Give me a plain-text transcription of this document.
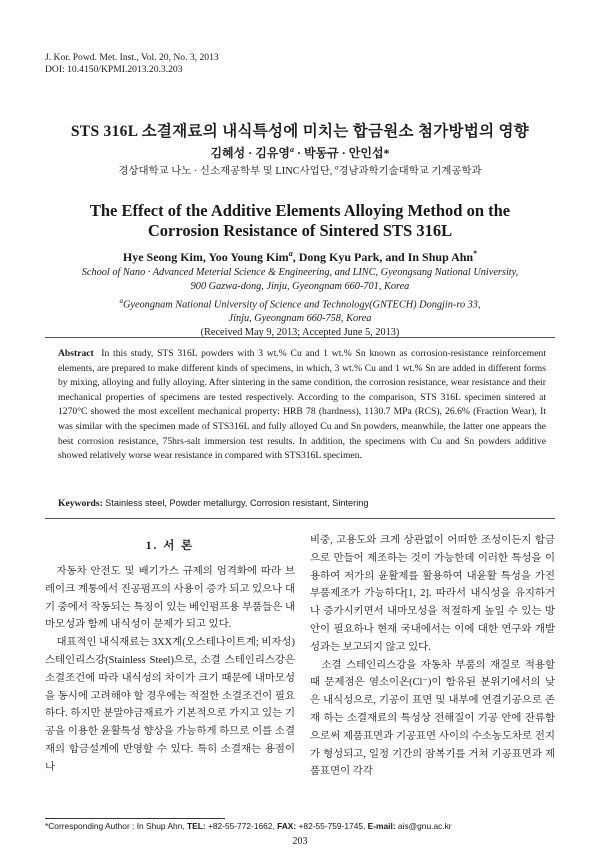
J. Kor. Powd. Met. Inst., Vol. 20, No. 3, 2013
DOI: 10.4150/KPMI.2013.20.3.203
STS 316L 소결재료의 내식특성에 미치는 합금원소 첨가방법의 영향
김혜성 · 김유영$^a$ · 박동규 · 안인섭*
경상대학교 나노 · 신소재공학부 및 LINC사업단, $^a$경남과학기술대학교 기계공학과
The Effect of the Additive Elements Alloying Method on the
Corrosion Resistance of Sintered STS 316L
Hye Seong Kim, Yoo Young Kim$^a$, Dong Kyu Park, and In Shup Ahn*
School of Nano · Advanced Meterial Science & Engineering, and LINC, Gyeongsang National University,
900 Gazwa-dong, Jinju, Gyeongnam 660-701, Korea
$^a$Gyeongnam National University of Science and Technology(GNTECH) Dongjin-ro 33,
Jinju, Gyeongnam 660-758, Korea
(Received May 9, 2013; Accepted June 5, 2013)
Abstract In this study, STS 316L powders with 3 wt.% Cu and 1 wt.% Sn known as corrosion-resistance reinforcement elements, are prepared to make different kinds of specimens, in which, 3 wt.% Cu and 1 wt.% Sn are added in different forms by mixing, alloying and fully alloying. After sintering in the same condition, the corrosion resistance, wear resistance and their mechanical properties of specimens are tested respectively. According to the comparison, STS 316L specimen sintered at 1270°C showed the most excellent mechanical property: HRB 78 (hardness), 1130.7 MPa (RCS), 26.6% (Fraction Wear), It was similar with the specimen made of STS316L and fully alloyed Cu and Sn powders, meanwhile, the latter one appears the best corrosion resistance, 75hrs-salt immersion test results. In addition, the specimens with Cu and Sn powders additive showed relatively worse wear resistance in compared with STS316L specimen.
Keywords: Stainless steel, Powder metallurgy, Corrosion resistant, Sintering
1. 서 론

자동차 안전도 및 배기가스 규제의 엄격화에 따라 브레이크 계통에서 진공펌프의 사용이 증가 되고 있으나 대기 중에서 작동되는 특징이 있는 베인펌프용 부품들은 내마모성과 함께 내식성이 문제가 되고 있다.

대표적인 내식재료는 3XX계(오스테나이트계; 비자성) 스테인리스강(Stainless Steel)으로, 소결 스테인리스강은 소결조건에 따라 내식성의 차이가 크기 때문에 내마모성을 동시에 고려해야 할 경우에는 적절한 소결조건이 필요하다. 하지만 분말야금재료가 기본적으로 가지고 있는 기공을 이용한 윤활특성 향상을 가능하게 하므로 이를 소결재의 합금설계에 반영할 수 있다. 특히 소결재는 용점이나

비중, 고용도와 크게 상관없이 어떠한 조성이든지 합금으로 만들어 제조하는 것이 가능한데 이러한 특성을 이용하여 저가의 윤활제를 활용하여 내윤활 특성을 가진 부품제조가 가능하다[1, 2]. 따라서 내식성을 유지하거나 증가시키면서 내마모성을 적절하게 높일 수 있는 방안이 필요하나 현재 국내에서는 이에 대한 연구와 개발성과는 보고되지 않고 있다.

소결 스테인리스강을 자동차 부품의 재질로 적용할 때 문제점은 염소이온(Cl⁻)이 함유된 분위기에서의 낮은 내식성으로, 기공이 표면 및 내부에 연결기공으로 존재 하는 소결재료의 특성상 전해질이 기공 안에 잔류함으로써 제품표면과 기공표면 사이의 수소농도차로 전지가 형성되고, 일정 기간의 잠복기를 거쳐 기공표면과 제품표면이 각각

*Corresponding Author : In Shup Ahn, TEL: +82-55-772-1662, FAX: +82-55-759-1745, E-mail: ais@gnu.ac.kr
203
